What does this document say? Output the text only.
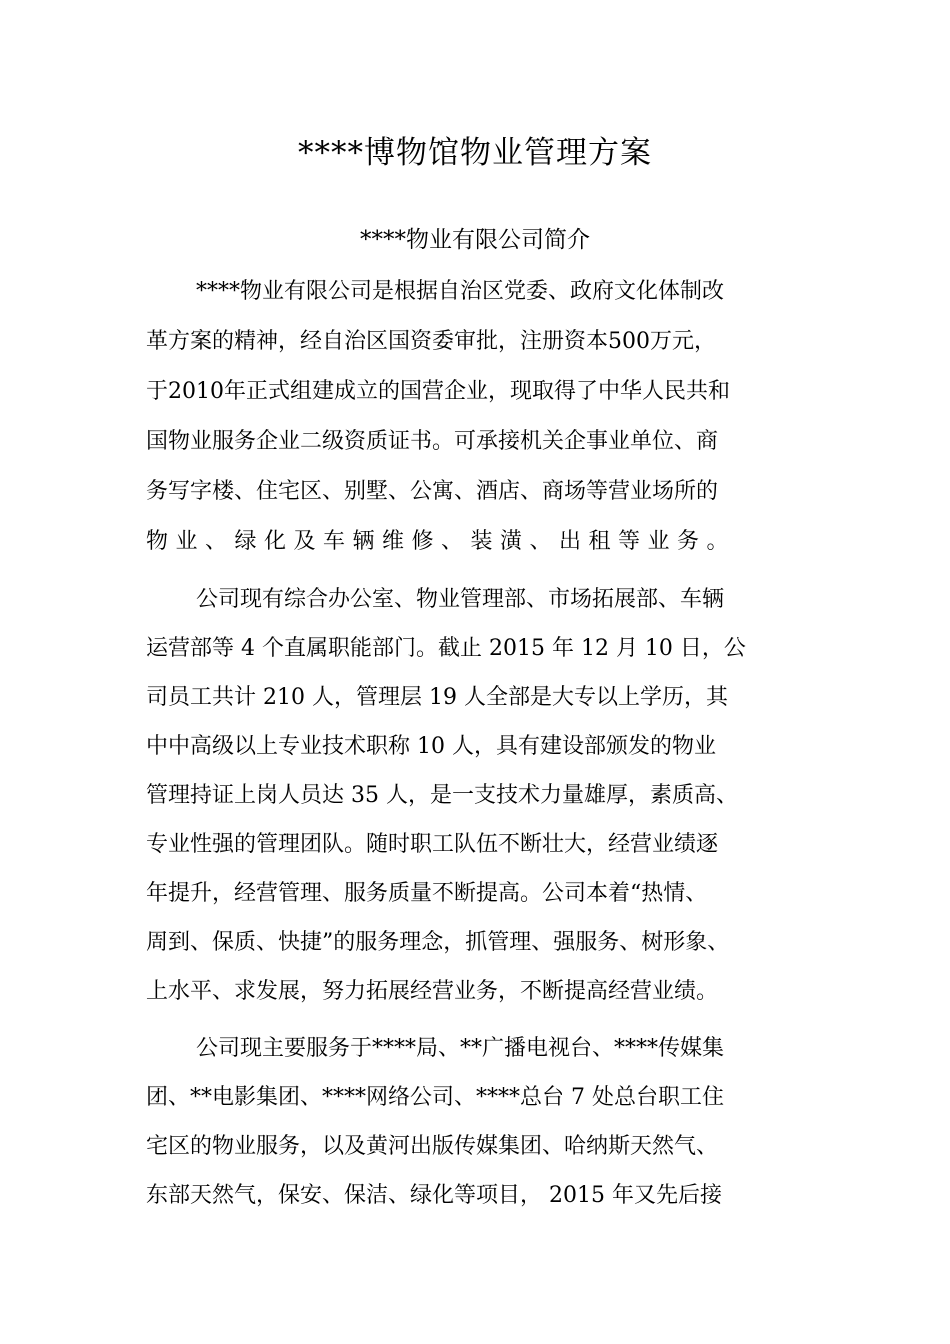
****博物馆物业管理方案
****物业有限公司简介
****物业有限公司是根据自治区党委、政府文化体制改
革方案的精神，经自治区国资委审批，注册资本500万元，
于2010年正式组建成立的国营企业，现取得了中华人民共和
国物业服务企业二级资质证书。可承接机关企事业单位、商
务写字楼、住宅区、别墅、公寓、酒店、商场等营业场所的
物业、绿化及车辆维修、装潢、出租等业务。
公司现有综合办公室、物业管理部、市场拓展部、车辆
运营部等 4 个直属职能部门。截止 2015 年 12 月 10 日，公
司员工共计 210 人，管理层 19 人全部是大专以上学历，其
中中高级以上专业技术职称 10 人，具有建设部颁发的物业
管理持证上岗人员达 35 人，是一支技术力量雄厚，素质高、
专业性强的管理团队。随时职工队伍不断壮大，经营业绩逐
年提升，经营管理、服务质量不断提高。公司本着“热情、
周到、保质、快捷”的服务理念，抓管理、强服务、树形象、
上水平、求发展，努力拓展经营业务，不断提高经营业绩。
公司现主要服务于****局、**广播电视台、****传媒集
团、**电影集团、****网络公司、****总台 7 处总台职工住
宅区的物业服务，以及黄河出版传媒集团、哈纳斯天然气、
东部天然气，保安、保洁、绿化等项目， 2015 年又先后接
